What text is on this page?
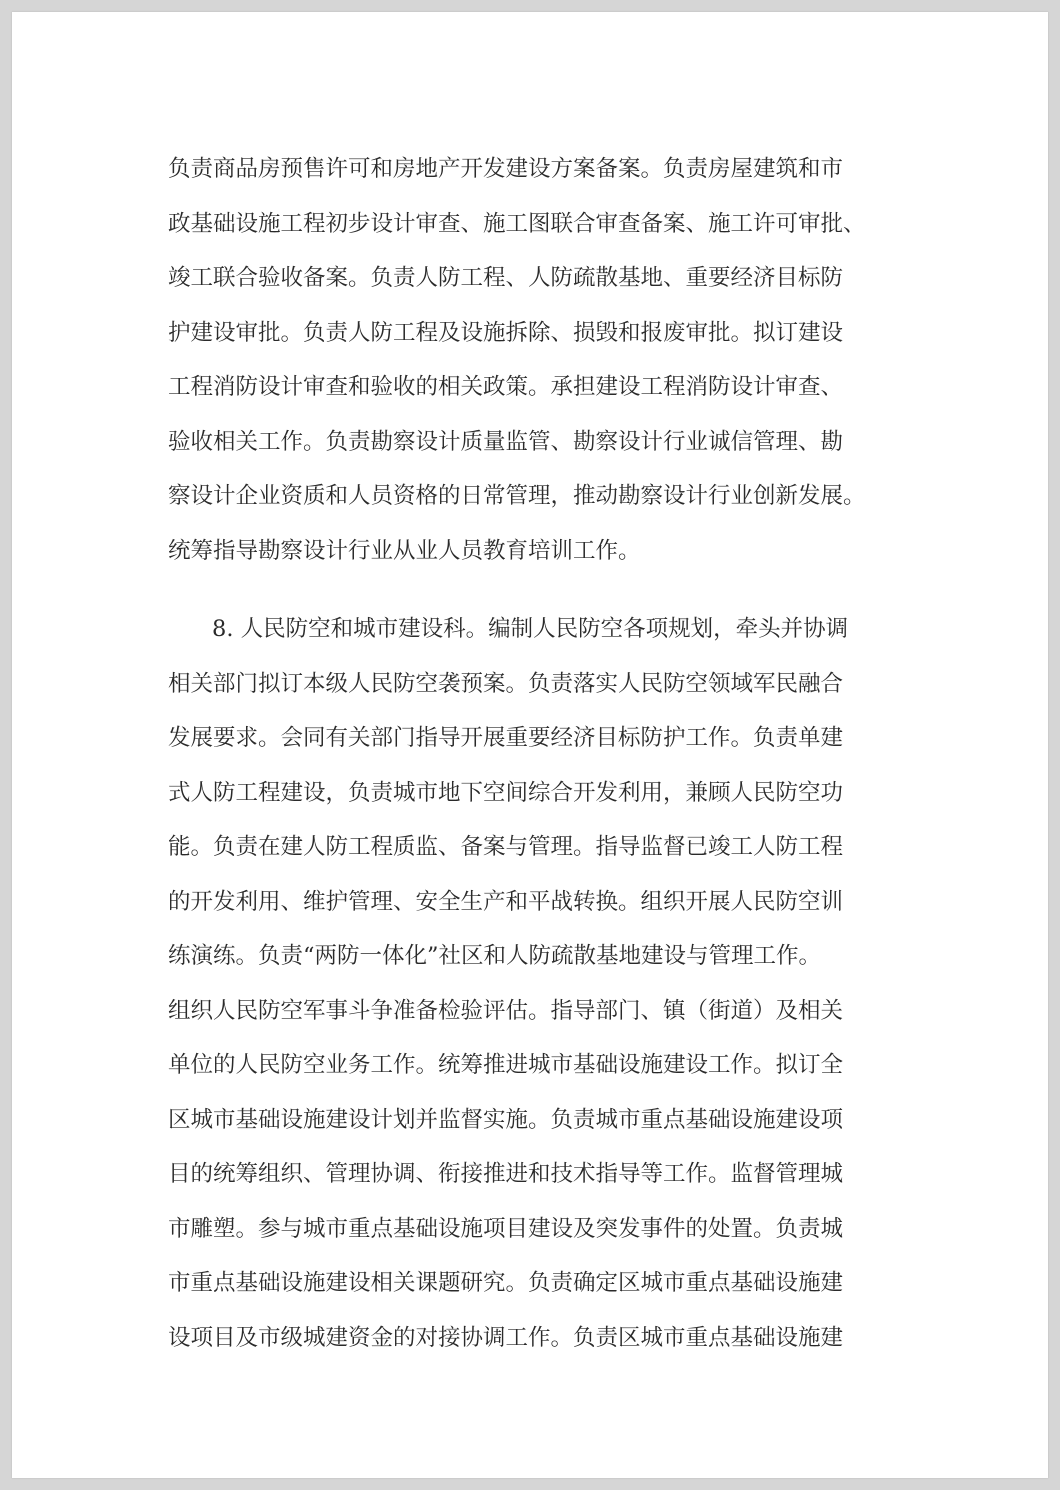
负责商品房预售许可和房地产开发建设方案备案。负责房屋建筑和市
政基础设施工程初步设计审查、施工图联合审查备案、施工许可审批、
竣工联合验收备案。负责人防工程、人防疏散基地、重要经济目标防
护建设审批。负责人防工程及设施拆除、损毁和报废审批。拟订建设
工程消防设计审查和验收的相关政策。承担建设工程消防设计审查、
验收相关工作。负责勘察设计质量监管、勘察设计行业诚信管理、勘
察设计企业资质和人员资格的日常管理，推动勘察设计行业创新发展。
统筹指导勘察设计行业从业人员教育培训工作。
8. 人民防空和城市建设科。编制人民防空各项规划，牵头并协调
相关部门拟订本级人民防空袭预案。负责落实人民防空领域军民融合
发展要求。会同有关部门指导开展重要经济目标防护工作。负责单建
式人防工程建设，负责城市地下空间综合开发利用，兼顾人民防空功
能。负责在建人防工程质监、备案与管理。指导监督已竣工人防工程
的开发利用、维护管理、安全生产和平战转换。组织开展人民防空训
练演练。负责“两防一体化”社区和人防疏散基地建设与管理工作。
组织人民防空军事斗争准备检验评估。指导部门、镇（街道）及相关
单位的人民防空业务工作。统筹推进城市基础设施建设工作。拟订全
区城市基础设施建设计划并监督实施。负责城市重点基础设施建设项
目的统筹组织、管理协调、衔接推进和技术指导等工作。监督管理城
市雕塑。参与城市重点基础设施项目建设及突发事件的处置。负责城
市重点基础设施建设相关课题研究。负责确定区城市重点基础设施建
设项目及市级城建资金的对接协调工作。负责区城市重点基础设施建
